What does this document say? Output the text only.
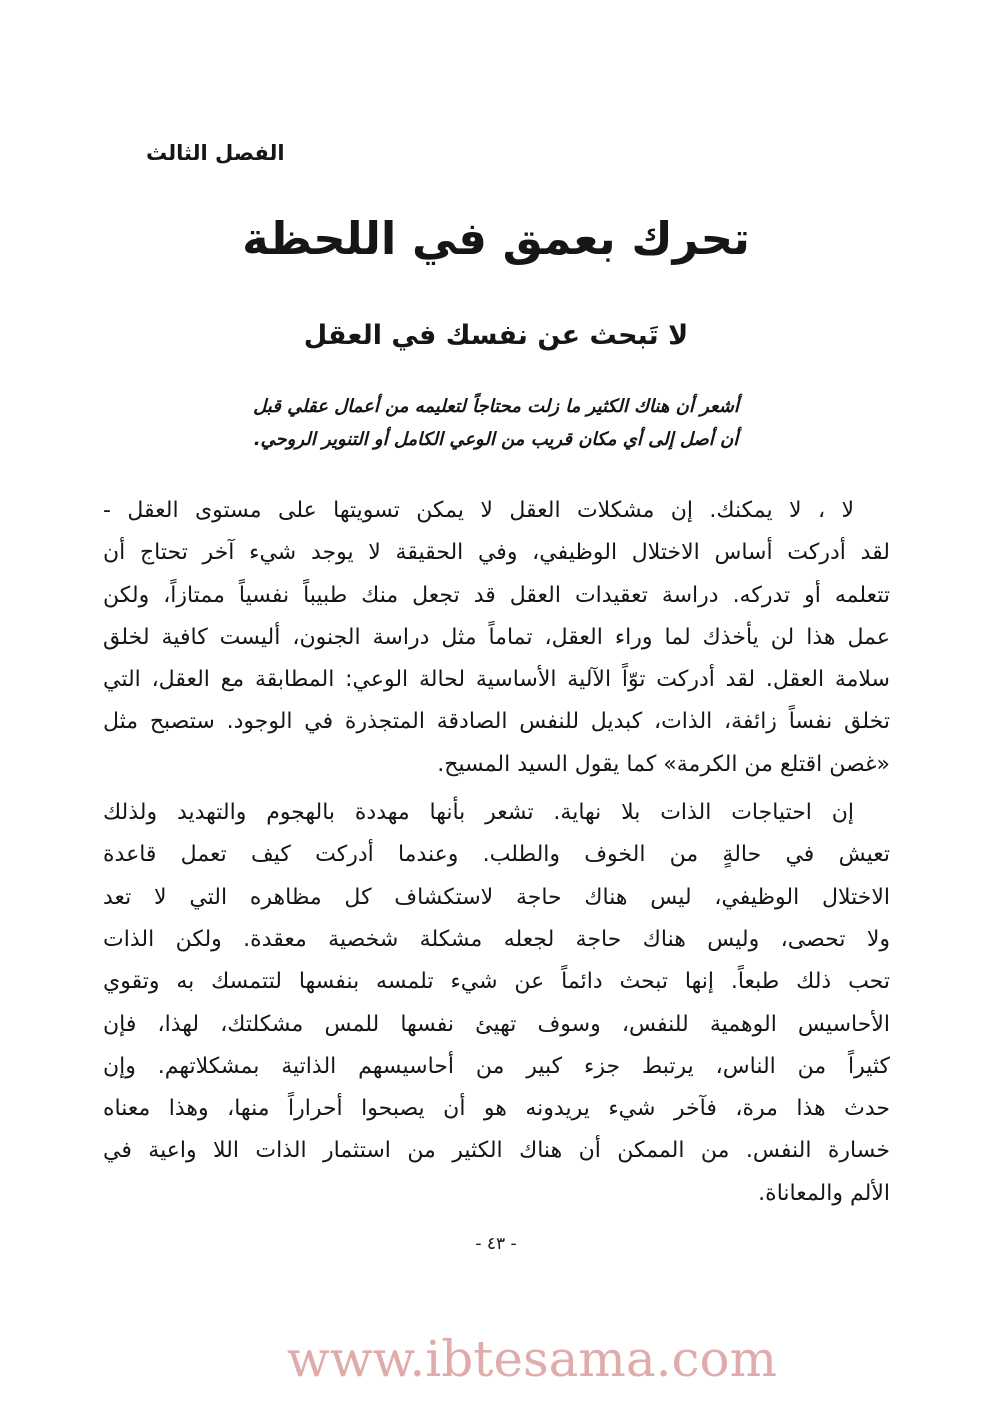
الفصل الثالث
تحرك بعمق في اللحظة
لا تَبحث عن نفسك في العقل
أشعر أن هناك الكثير ما زلت محتاجاً لتعليمه من أعمال عقلي قبل
أن أصل إلى أي مكان قريب من الوعي الكامل أو التنوير الروحي.
لا ، لا يمكنك. إن مشكلات العقل لا يمكن تسويتها على مستوى العقل -
لقد أدركت أساس الاختلال الوظيفي، وفي الحقيقة لا يوجد شيء آخر تحتاج أن
تتعلمه أو تدركه. دراسة تعقيدات العقل قد تجعل منك طبيباً نفسياً ممتازاً، ولكن
عمل هذا لن يأخذك لما وراء العقل، تماماً مثل دراسة الجنون، أليست كافية لخلق
سلامة العقل. لقد أدركت توّاً الآلية الأساسية لحالة الوعي: المطابقة مع العقل، التي
تخلق نفساً زائفة، الذات، كبديل للنفس الصادقة المتجذرة في الوجود. ستصبح مثل
«غصن اقتلع من الكرمة» كما يقول السيد المسيح.
إن احتياجات الذات بلا نهاية. تشعر بأنها مهددة بالهجوم والتهديد ولذلك
تعيش في حالةٍ من الخوف والطلب. وعندما أدركت كيف تعمل قاعدة
الاختلال الوظيفي، ليس هناك حاجة لاستكشاف كل مظاهره التي لا تعد
ولا تحصى، وليس هناك حاجة لجعله مشكلة شخصية معقدة. ولكن الذات
تحب ذلك طبعاً. إنها تبحث دائماً عن شيء تلمسه بنفسها لتتمسك به وتقوي
الأحاسيس الوهمية للنفس، وسوف تهيئ نفسها للمس مشكلتك، لهذا، فإن
كثيراً من الناس، يرتبط جزء كبير من أحاسيسهم الذاتية بمشكلاتهم. وإن
حدث هذا مرة، فآخر شيء يريدونه هو أن يصبحوا أحراراً منها، وهذا معناه
خسارة النفس. من الممكن أن هناك الكثير من استثمار الذات اللا واعية في
الألم والمعاناة.
- ٤٣ -
www.ibtesama.com
